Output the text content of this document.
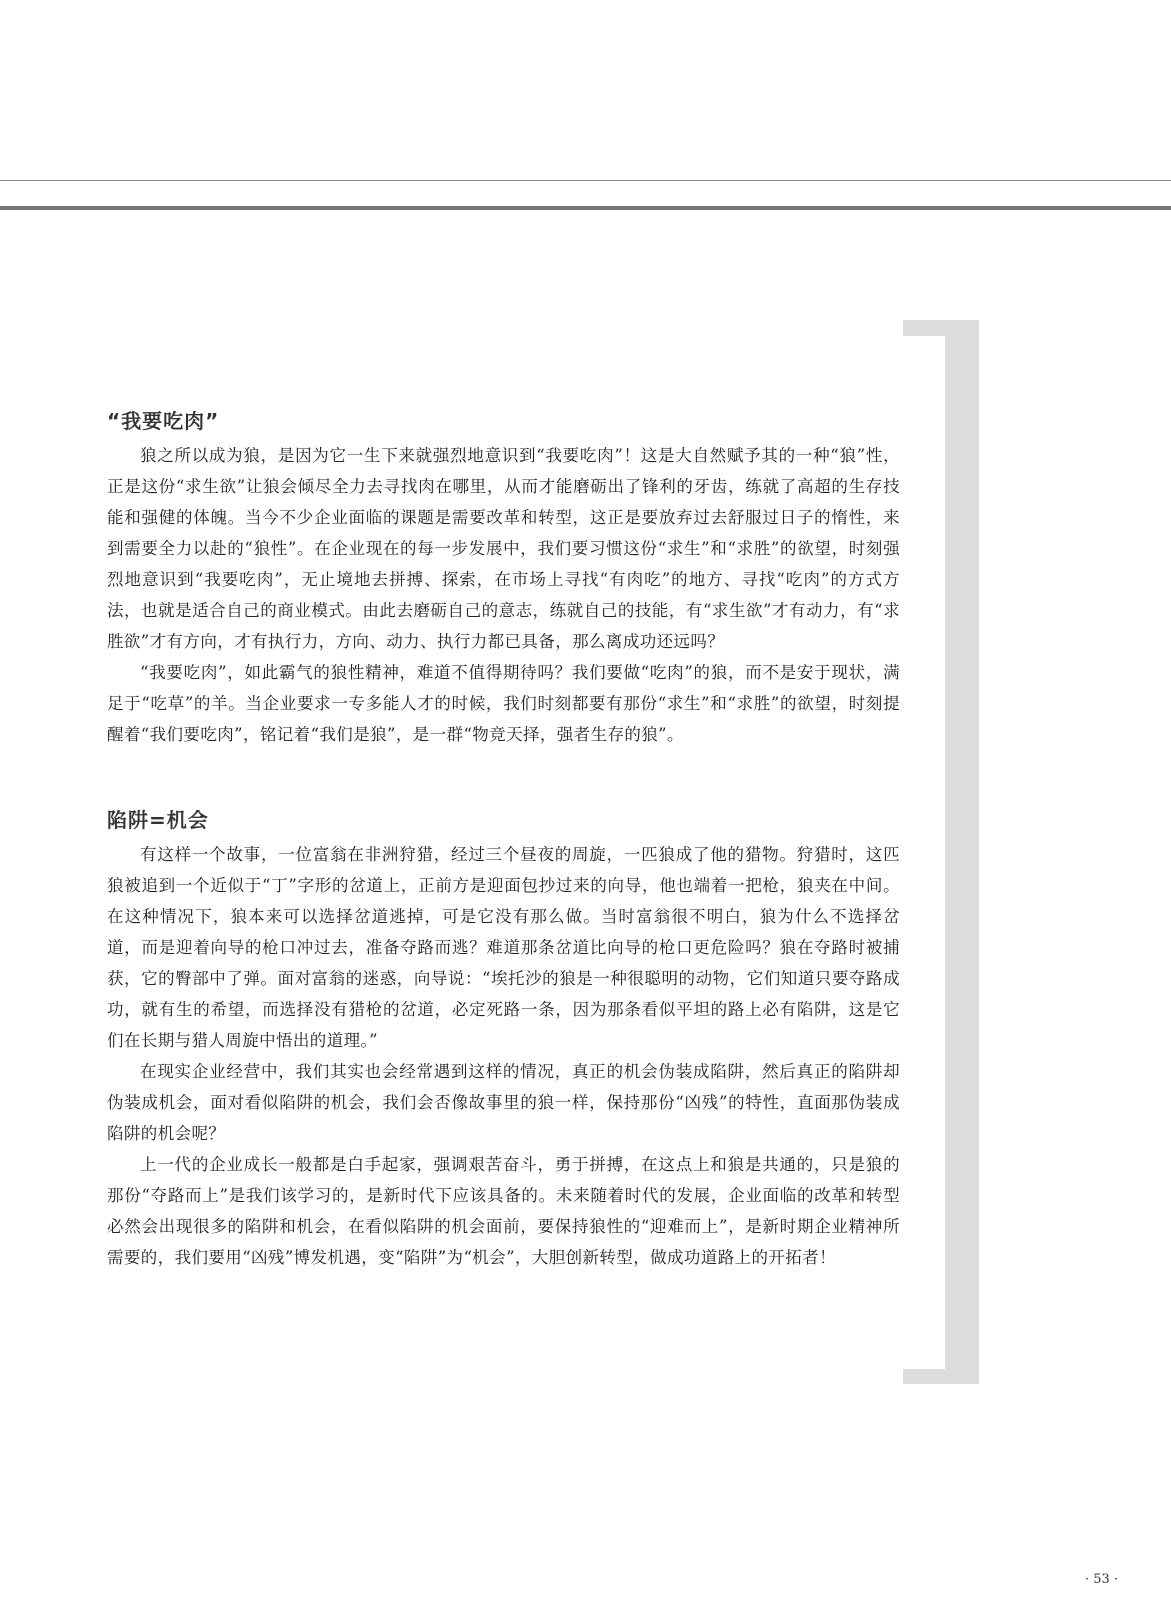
“我要吃肉”

狼之所以成为狼，是因为它一生下来就强烈地意识到“我要吃肉”！这是大自然赋予其的一种“狼”性，正是这份“求生欲”让狼会倾尽全力去寻找肉在哪里，从而才能磨砺出了锋利的牙齿，练就了高超的生存技能和强健的体魄。当今不少企业面临的课题是需要改革和转型，这正是要放弃过去舒服过日子的惰性，来到需要全力以赴的“狼性”。在企业现在的每一步发展中，我们要习惯这份“求生”和“求胜”的欲望，时刻强烈地意识到“我要吃肉”，无止境地去拼搏、探索，在市场上寻找“有肉吃”的地方、寻找“吃肉”的方式方法，也就是适合自己的商业模式。由此去磨砺自己的意志，练就自己的技能，有“求生欲”才有动力，有“求胜欲”才有方向，才有执行力，方向、动力、执行力都已具备，那么离成功还远吗？

“我要吃肉”，如此霸气的狼性精神，难道不值得期待吗？我们要做“吃肉”的狼，而不是安于现状，满足于“吃草”的羊。当企业要求一专多能人才的时候，我们时刻都要有那份“求生”和“求胜”的欲望，时刻提醒着“我们要吃肉”，铭记着“我们是狼”，是一群“物竞天择，强者生存的狼”。

陷阱=机会

有这样一个故事，一位富翁在非洲狩猎，经过三个昼夜的周旋，一匹狼成了他的猎物。狩猎时，这匹狼被追到一个近似于“丁”字形的岔道上，正前方是迎面包抄过来的向导，他也端着一把枪，狼夹在中间。在这种情况下，狼本来可以选择岔道逃掉，可是它没有那么做。当时富翁很不明白，狼为什么不选择岔道，而是迎着向导的枪口冲过去，准备夺路而逃？难道那条岔道比向导的枪口更危险吗？狼在夺路时被捕获，它的臀部中了弹。面对富翁的迷惑，向导说：“埃托沙的狼是一种很聪明的动物，它们知道只要夺路成功，就有生的希望，而选择没有猎枪的岔道，必定死路一条，因为那条看似平坦的路上必有陷阱，这是它们在长期与猎人周旋中悟出的道理。”

在现实企业经营中，我们其实也会经常遇到这样的情况，真正的机会伪装成陷阱，然后真正的陷阱却伪装成机会，面对看似陷阱的机会，我们会否像故事里的狼一样，保持那份“凶残”的特性，直面那伪装成陷阱的机会呢？

上一代的企业成长一般都是白手起家，强调艰苦奋斗，勇于拼搏，在这点上和狼是共通的，只是狼的那份“夺路而上”是我们该学习的，是新时代下应该具备的。未来随着时代的发展，企业面临的改革和转型必然会出现很多的陷阱和机会，在看似陷阱的机会面前，要保持狼性的“迎难而上”，是新时期企业精神所需要的，我们要用“凶残”博发机遇，变“陷阱”为“机会”，大胆创新转型，做成功道路上的开拓者！

· 53 ·
